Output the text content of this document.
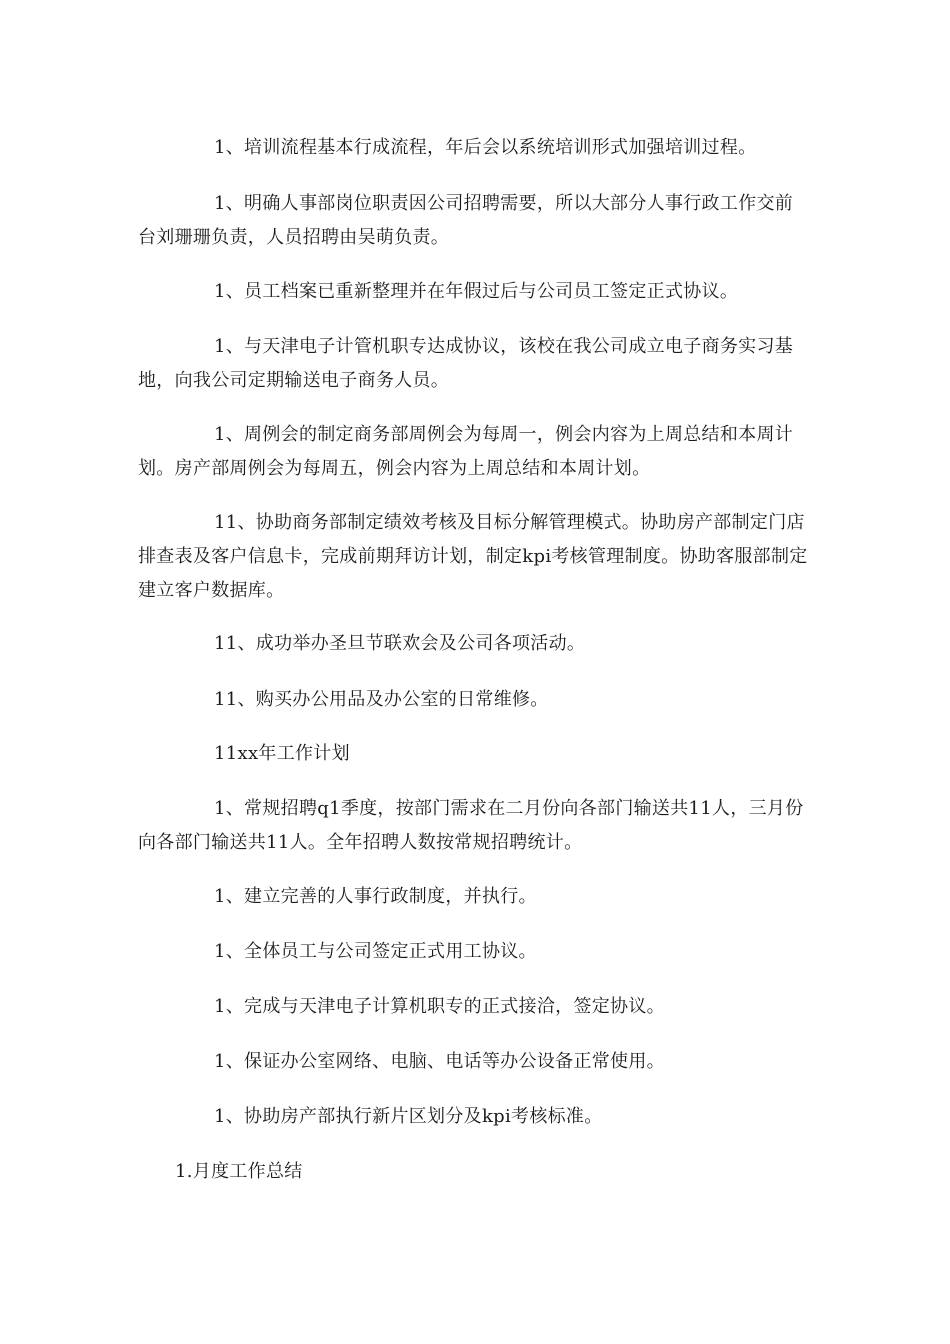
1、培训流程基本行成流程，年后会以系统培训形式加强培训过程。

1、明确人事部岗位职责因公司招聘需要，所以大部分人事行政工作交前台刘珊珊负责，人员招聘由吴萌负责。

1、员工档案已重新整理并在年假过后与公司员工签定正式协议。

1、与天津电子计管机职专达成协议，该校在我公司成立电子商务实习基地，向我公司定期输送电子商务人员。

1、周例会的制定商务部周例会为每周一，例会内容为上周总结和本周计划。房产部周例会为每周五，例会内容为上周总结和本周计划。

11、协助商务部制定绩效考核及目标分解管理模式。协助房产部制定门店排查表及客户信息卡，完成前期拜访计划，制定kpi考核管理制度。协助客服部制定建立客户数据库。

11、成功举办圣旦节联欢会及公司各项活动。

11、购买办公用品及办公室的日常维修。

11xx年工作计划

1、常规招聘q1季度，按部门需求在二月份向各部门输送共11人，三月份向各部门输送共11人。全年招聘人数按常规招聘统计。

1、建立完善的人事行政制度，并执行。

1、全体员工与公司签定正式用工协议。

1、完成与天津电子计算机职专的正式接洽，签定协议。

1、保证办公室网络、电脑、电话等办公设备正常使用。

1、协助房产部执行新片区划分及kpi考核标准。

1.月度工作总结
